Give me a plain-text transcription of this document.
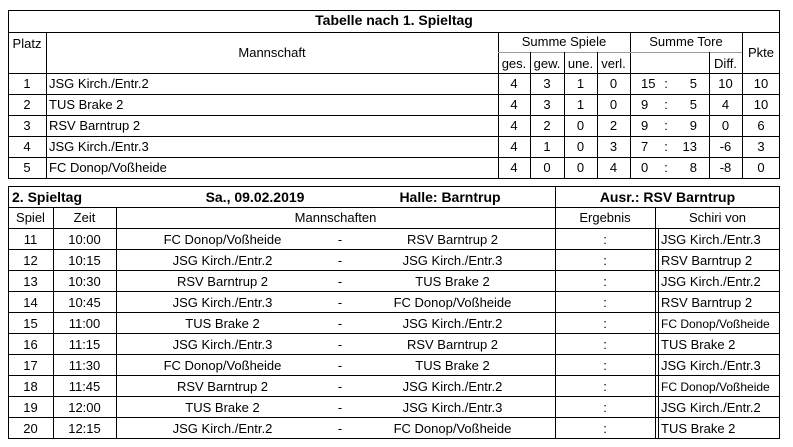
Tabelle nach 1. Spieltag
Platz
Mannschaft
Summe Spiele	Summe Tore
Pkte
ges. gew. une. verl.	Diff.
1	JSG Kirch./Entr.2	4	3	1	0	15 :	5	10	10
2	TUS Brake 2	4	3	1	0	9 :	5	4	10
3	RSV Barntrup 2	4	2	0	2	9 :	9	0	6
4	JSG Kirch./Entr.3	4	1	0	3	7 :	13	-6	3
5	FC Donop/Voßheide	4	0	0	4	0 :	8	-8	0
2. Spieltag	Sa., 09.02.2019	Halle: Barntrup	Ausr.: RSV Barntrup
Spiel	Zeit	Mannschaften	Ergebnis	Schiri von
11	10:00	FC Donop/Voßheide	-	RSV Barntrup 2	:	JSG Kirch./Entr.3
12	10:15	JSG Kirch./Entr.2	-	JSG Kirch./Entr.3	:	RSV Barntrup 2
13	10:30	RSV Barntrup 2	-	TUS Brake 2	:	JSG Kirch./Entr.2
14	10:45	JSG Kirch./Entr.3	-	FC Donop/Voßheide	:	RSV Barntrup 2
15	11:00	TUS Brake 2	-	JSG Kirch./Entr.2	:	FC Donop/Voßheide
16	11:15	JSG Kirch./Entr.3	-	RSV Barntrup 2	:	TUS Brake 2
17	11:30	FC Donop/Voßheide	-	TUS Brake 2	:	JSG Kirch./Entr.3
18	11:45	RSV Barntrup 2	-	JSG Kirch./Entr.2	:	FC Donop/Voßheide
19	12:00	TUS Brake 2	-	JSG Kirch./Entr.3	:	JSG Kirch./Entr.2
20	12:15	JSG Kirch./Entr.2	-	FC Donop/Voßheide	:	TUS Brake 2
